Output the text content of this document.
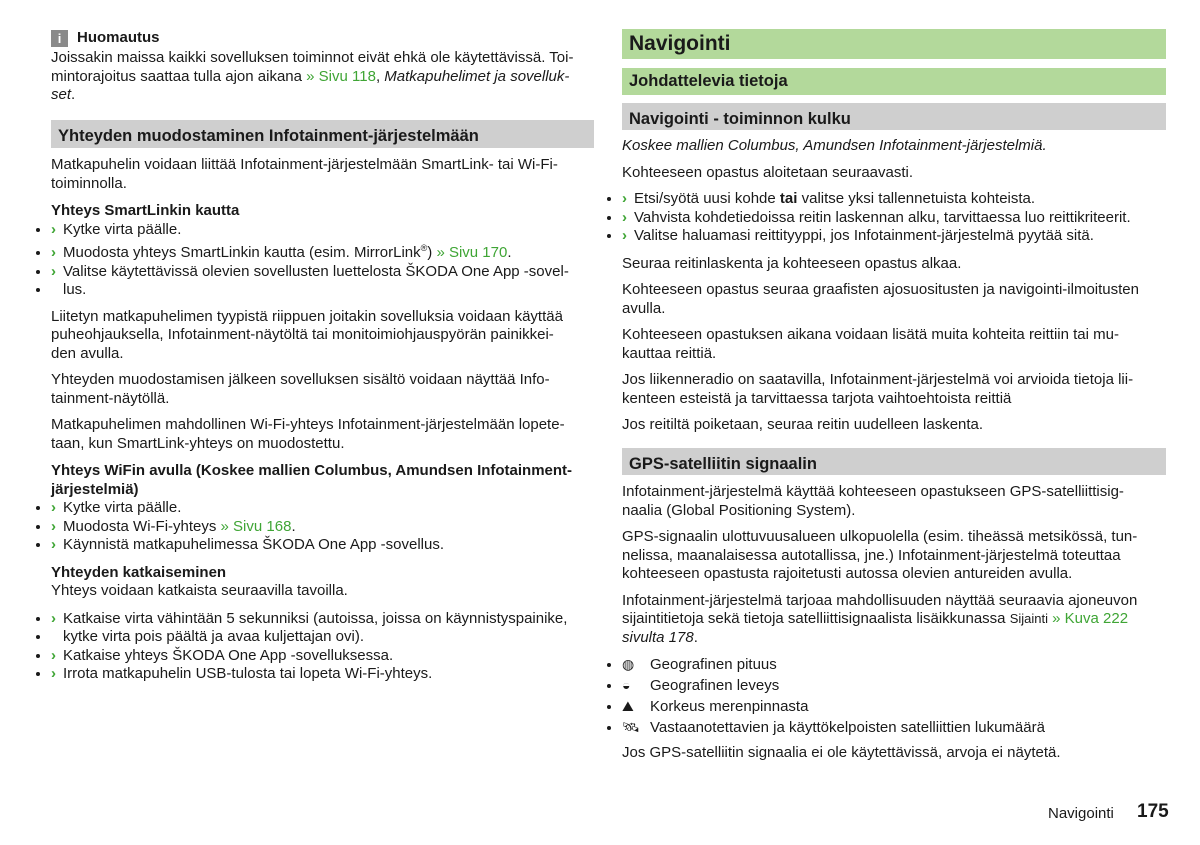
i	Huomautus

Joissakin maissa kaikki sovelluksen toiminnot eivät ehkä ole käytettävissä. Toi-

mintorajoitus saattaa tulla ajon aikana » Sivu 118, Matkapuhelimet ja sovelluk-

set.

Yhteyden muodostaminen Infotainment-järjestelmään

Matkapuhelin voidaan liittää Infotainment-järjestelmään SmartLink- tai Wi-Fi-

toiminnolla.

Yhteys SmartLinkin kautta

• › Kytke virta päälle.
• › Muodosta yhteys SmartLinkin kautta (esim. MirrorLink®) » Sivu 170.
• › Valitse käytettävissä olevien sovellusten luettelosta ŠKODA One App -sovel-
• lus.

Liitetyn matkapuhelimen tyypistä riippuen joitakin sovelluksia voidaan käyttää

puheohjauksella, Infotainment-näytöltä tai monitoimiohjauspyörän painikkei-

den avulla.

Yhteyden muodostamisen jälkeen sovelluksen sisältö voidaan näyttää Info-

tainment-näytöllä.

Matkapuhelimen mahdollinen Wi-Fi-yhteys Infotainment-järjestelmään lopete-

taan, kun SmartLink-yhteys on muodostettu.

Yhteys WiFin avulla (Koskee mallien Columbus, Amundsen Infotainment-

järjestelmiä)

• › Kytke virta päälle.
• › Muodosta Wi-Fi-yhteys » Sivu 168.
• › Käynnistä matkapuhelimessa ŠKODA One App -sovellus.

Yhteyden katkaiseminen

Yhteys voidaan katkaista seuraavilla tavoilla.

• › Katkaise virta vähintään 5 sekunniksi (autoissa, joissa on käynnistyspainike,
• kytke virta pois päältä ja avaa kuljettajan ovi).
• › Katkaise yhteys ŠKODA One App -sovelluksessa.
• › Irrota matkapuhelin USB-tulosta tai lopeta Wi-Fi-yhteys.
Navigointi
Johdattelevia tietoja
Navigointi - toiminnon kulku

Koskee mallien Columbus, Amundsen Infotainment-järjestelmiä.

Kohteeseen opastus aloitetaan seuraavasti.

• › Etsi/syötä uusi kohde tai valitse yksi tallennetuista kohteista.
• › Vahvista kohdetiedoissa reitin laskennan alku, tarvittaessa luo reittikriteerit.
• › Valitse haluamasi reittityyppi, jos Infotainment-järjestelmä pyytää sitä.

Seuraa reitinlaskenta ja kohteeseen opastus alkaa.

Kohteeseen opastus seuraa graafisten ajosuositusten ja navigointi-ilmoitusten

avulla.

Kohteeseen opastuksen aikana voidaan lisätä muita kohteita reittiin tai mu-

kauttaa reittiä.

Jos liikenneradio on saatavilla, Infotainment-järjestelmä voi arvioida tietoja lii-

kenteen esteistä ja tarvittaessa tarjota vaihtoehtoista reittiä

Jos reitiltä poiketaan, seuraa reitin uudelleen laskenta.

GPS-satelliitin signaalin

Infotainment-järjestelmä käyttää kohteeseen opastukseen GPS-satelliittisig-

naalia (Global Positioning System).

GPS-signaalin ulottuvuusalueen ulkopuolella (esim. tiheässä metsikössä, tun-

nelissa, maanalaisessa autotallissa, jne.) Infotainment-järjestelmä toteuttaa

kohteeseen opastusta rajoitetusti autossa olevien antureiden avulla.

Infotainment-järjestelmä tarjoaa mahdollisuuden näyttää seuraavia ajoneuvon

sijaintitietoja sekä tietoja satelliittisignaalista lisäikkunassa Sijainti » Kuva 222

sivulta 178.

• ◍ Geografinen pituus
• ◒ Geografinen leveys
• ⛰ Korkeus merenpinnasta
• 🛰 Vastaanotettavien ja käyttökelpoisten satelliittien lukumäärä

Jos GPS-satelliitin signaalia ei ole käytettävissä, arvoja ei näytetä.

Navigointi 175
